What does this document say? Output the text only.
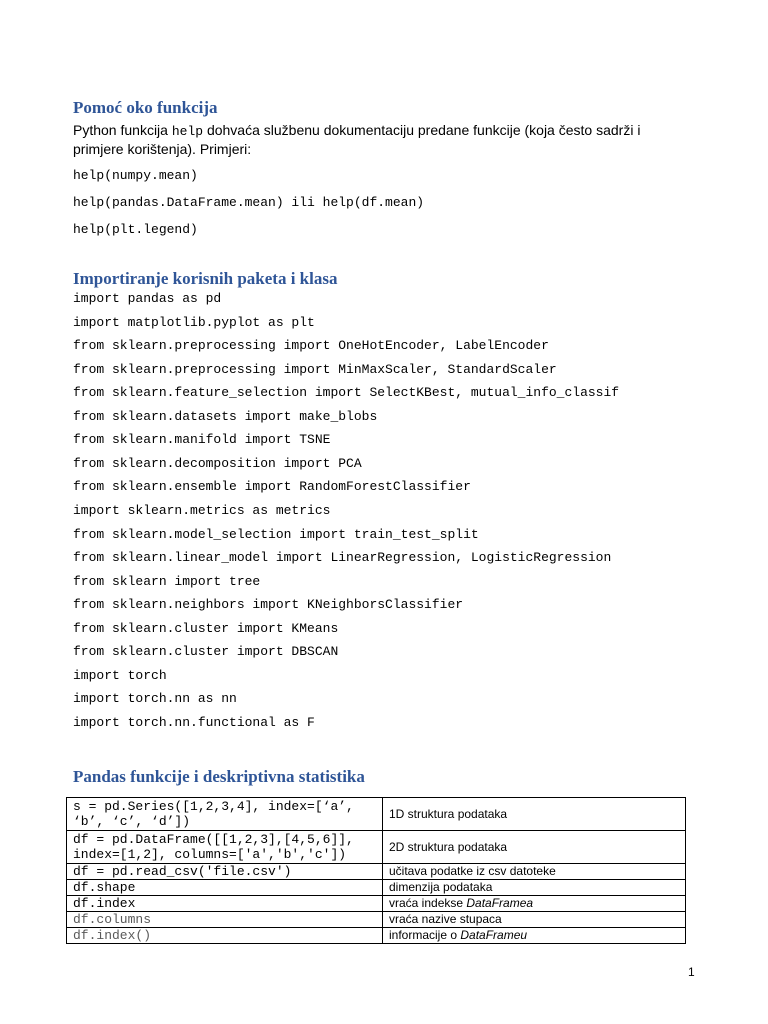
Pomoć oko funkcija
Python funkcija help dohvaća službenu dokumentaciju predane funkcije (koja često sadrži i
primjere korištenja). Primjeri:
help(numpy.mean)
help(pandas.DataFrame.mean) ili help(df.mean)
help(plt.legend)
Importiranje korisnih paketa i klasa
import pandas as pd
import matplotlib.pyplot as plt
from sklearn.preprocessing import OneHotEncoder, LabelEncoder
from sklearn.preprocessing import MinMaxScaler, StandardScaler
from sklearn.feature_selection import SelectKBest, mutual_info_classif
from sklearn.datasets import make_blobs
from sklearn.manifold import TSNE
from sklearn.decomposition import PCA
from sklearn.ensemble import RandomForestClassifier
import sklearn.metrics as metrics
from sklearn.model_selection import train_test_split
from sklearn.linear_model import LinearRegression, LogisticRegression
from sklearn import tree
from sklearn.neighbors import KNeighborsClassifier
from sklearn.cluster import KMeans
from sklearn.cluster import DBSCAN
import torch
import torch.nn as nn
import torch.nn.functional as F
Pandas funkcije i deskriptivna statistika
s = pd.Series([1,2,3,4], index=[‘a’,
‘b’, ‘c’, ‘d’])	1D struktura podataka
df = pd.DataFrame([[1,2,3],[4,5,6]],
index=[1,2], columns=['a','b','c'])	2D struktura podataka
df = pd.read_csv('file.csv')	učitava podatke iz csv datoteke
df.shape	dimenzija podataka
df.index	vraća indekse DataFramea
df.columns	vraća nazive stupaca
df.index()	informacije o DataFrameu
1
